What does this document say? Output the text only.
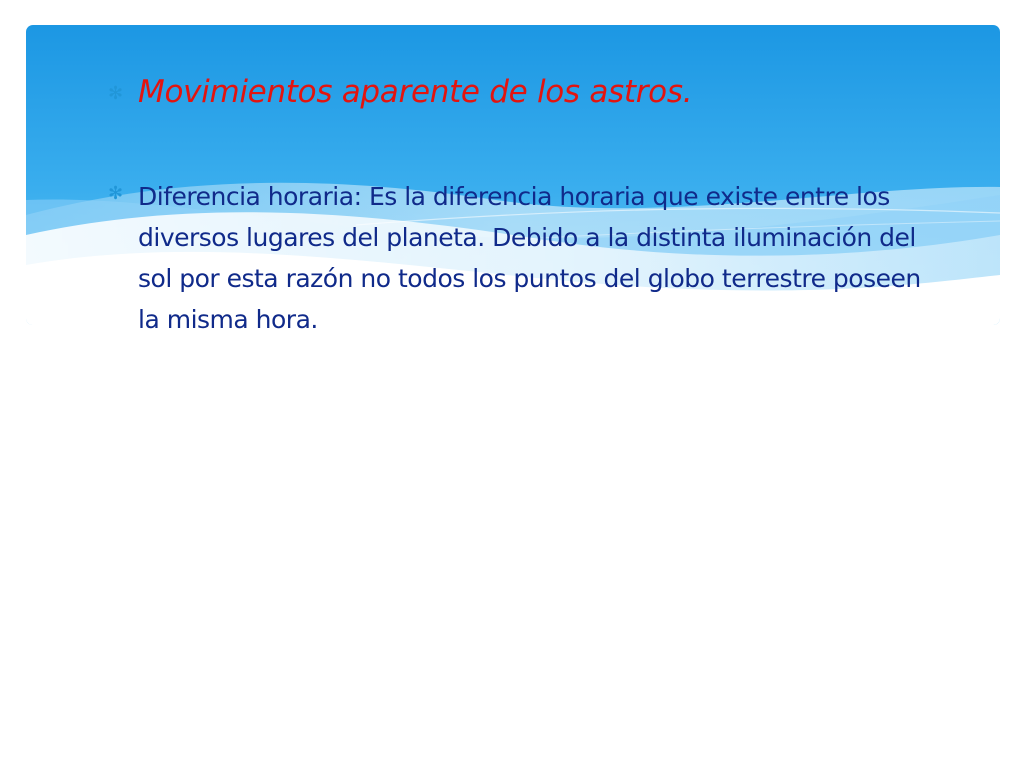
✻ Movimientos aparente de los astros.
✻ Diferencia horaria: Es la diferencia horaria que existe entre los diversos lugares del planeta. Debido a la distinta iluminación del sol por esta razón no todos los puntos del globo terrestre poseen la misma hora.
